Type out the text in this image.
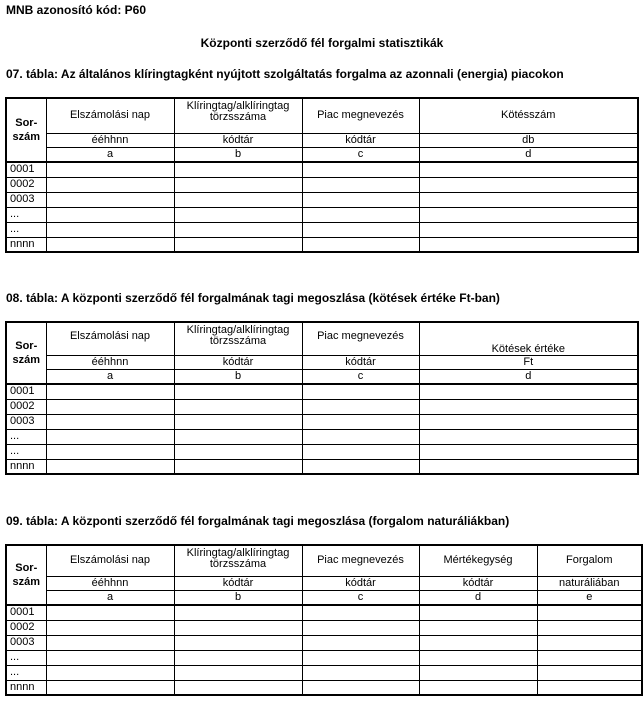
MNB azonosító kód: P60
Központi szerződő fél forgalmi statisztikák
07. tábla: Az általános klíringtagként nyújtott szolgáltatás forgalma az azonnali (energia) piacokon
Sor-
szám	Elszámolási nap	Klíringtag/alklíringtag törzsszáma	Piac megnevezés	Kötésszám
	ééhhnn	kódtár	kódtár	db
	a	b	c	d
0001				
0002				
0003				
...				
...				
nnnn				
08. tábla: A központi szerződő fél forgalmának tagi megoszlása (kötések értéke Ft-ban)
Sor-
szám	Elszámolási nap	Klíringtag/alklíringtag törzsszáma	Piac megnevezés	Kötések értéke
	ééhhnn	kódtár	kódtár	Ft
	a	b	c	d
0001				
0002				
0003				
...				
...				
nnnn				
09. tábla: A központi szerződő fél forgalmának tagi megoszlása (forgalom naturáliákban)
Sor-
szám	Elszámolási nap	Klíringtag/alklíringtag törzsszáma	Piac megnevezés	Mértékegység	Forgalom
	ééhhnn	kódtár	kódtár	kódtár	naturáliában
	a	b	c	d	e
0001					
0002					
0003					
...					
...					
nnnn					
